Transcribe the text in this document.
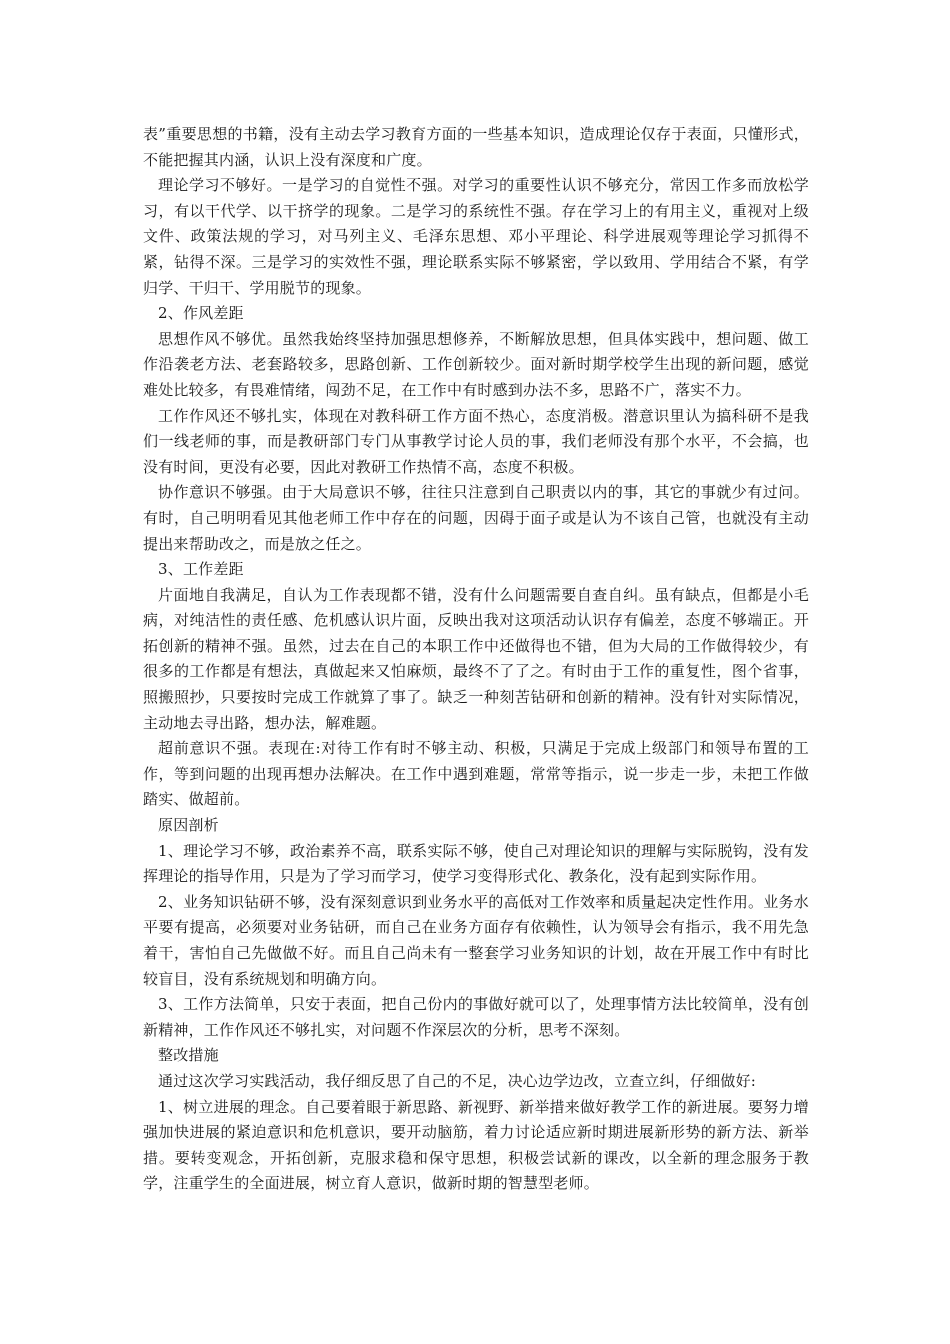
表”重要思想的书籍，没有主动去学习教育方面的一些基本知识，造成理论仅存于表面，只懂形式，不能把握其内涵，认识上没有深度和广度。

理论学习不够好。一是学习的自觉性不强。对学习的重要性认识不够充分，常因工作多而放松学习，有以干代学、以干挤学的现象。二是学习的系统性不强。存在学习上的有用主义，重视对上级文件、政策法规的学习，对马列主义、毛泽东思想、邓小平理论、科学进展观等理论学习抓得不紧，钻得不深。三是学习的实效性不强，理论联系实际不够紧密，学以致用、学用结合不紧，有学归学、干归干、学用脱节的现象。

2、作风差距

思想作风不够优。虽然我始终坚持加强思想修养，不断解放思想，但具体实践中，想问题、做工作沿袭老方法、老套路较多，思路创新、工作创新较少。面对新时期学校学生出现的新问题，感觉难处比较多，有畏难情绪，闯劲不足，在工作中有时感到办法不多，思路不广，落实不力。

工作作风还不够扎实，体现在对教科研工作方面不热心，态度消极。潜意识里认为搞科研不是我们一线老师的事，而是教研部门专门从事教学讨论人员的事，我们老师没有那个水平，不会搞，也没有时间，更没有必要，因此对教研工作热情不高，态度不积极。

协作意识不够强。由于大局意识不够，往往只注意到自己职责以内的事，其它的事就少有过问。有时，自己明明看见其他老师工作中存在的问题，因碍于面子或是认为不该自己管，也就没有主动提出来帮助改之，而是放之任之。

3、工作差距

片面地自我满足，自认为工作表现都不错，没有什么问题需要自查自纠。虽有缺点，但都是小毛病，对纯洁性的责任感、危机感认识片面，反映出我对这项活动认识存有偏差，态度不够端正。开拓创新的精神不强。虽然，过去在自己的本职工作中还做得也不错，但为大局的工作做得较少，有很多的工作都是有想法，真做起来又怕麻烦，最终不了了之。有时由于工作的重复性，图个省事，照搬照抄，只要按时完成工作就算了事了。缺乏一种刻苦钻研和创新的精神。没有针对实际情况，主动地去寻出路，想办法，解难题。

超前意识不强。表现在:对待工作有时不够主动、积极，只满足于完成上级部门和领导布置的工作，等到问题的出现再想办法解决。在工作中遇到难题，常常等指示，说一步走一步，未把工作做踏实、做超前。

原因剖析

1、理论学习不够，政治素养不高，联系实际不够，使自己对理论知识的理解与实际脱钩，没有发挥理论的指导作用，只是为了学习而学习，使学习变得形式化、教条化，没有起到实际作用。

2、业务知识钻研不够，没有深刻意识到业务水平的高低对工作效率和质量起决定性作用。业务水平要有提高，必须要对业务钻研，而自己在业务方面存有依赖性，认为领导会有指示，我不用先急着干，害怕自己先做做不好。而且自己尚未有一整套学习业务知识的计划，故在开展工作中有时比较盲目，没有系统规划和明确方向。

3、工作方法简单，只安于表面，把自己份内的事做好就可以了，处理事情方法比较简单，没有创新精神，工作作风还不够扎实，对问题不作深层次的分析，思考不深刻。

整改措施

通过这次学习实践活动，我仔细反思了自己的不足，决心边学边改，立查立纠，仔细做好:

1、树立进展的理念。自己要着眼于新思路、新视野、新举措来做好教学工作的新进展。要努力增强加快进展的紧迫意识和危机意识，要开动脑筋，着力讨论适应新时期进展新形势的新方法、新举措。要转变观念，开拓创新，克服求稳和保守思想，积极尝试新的课改，以全新的理念服务于教学，注重学生的全面进展，树立育人意识，做新时期的智慧型老师。
